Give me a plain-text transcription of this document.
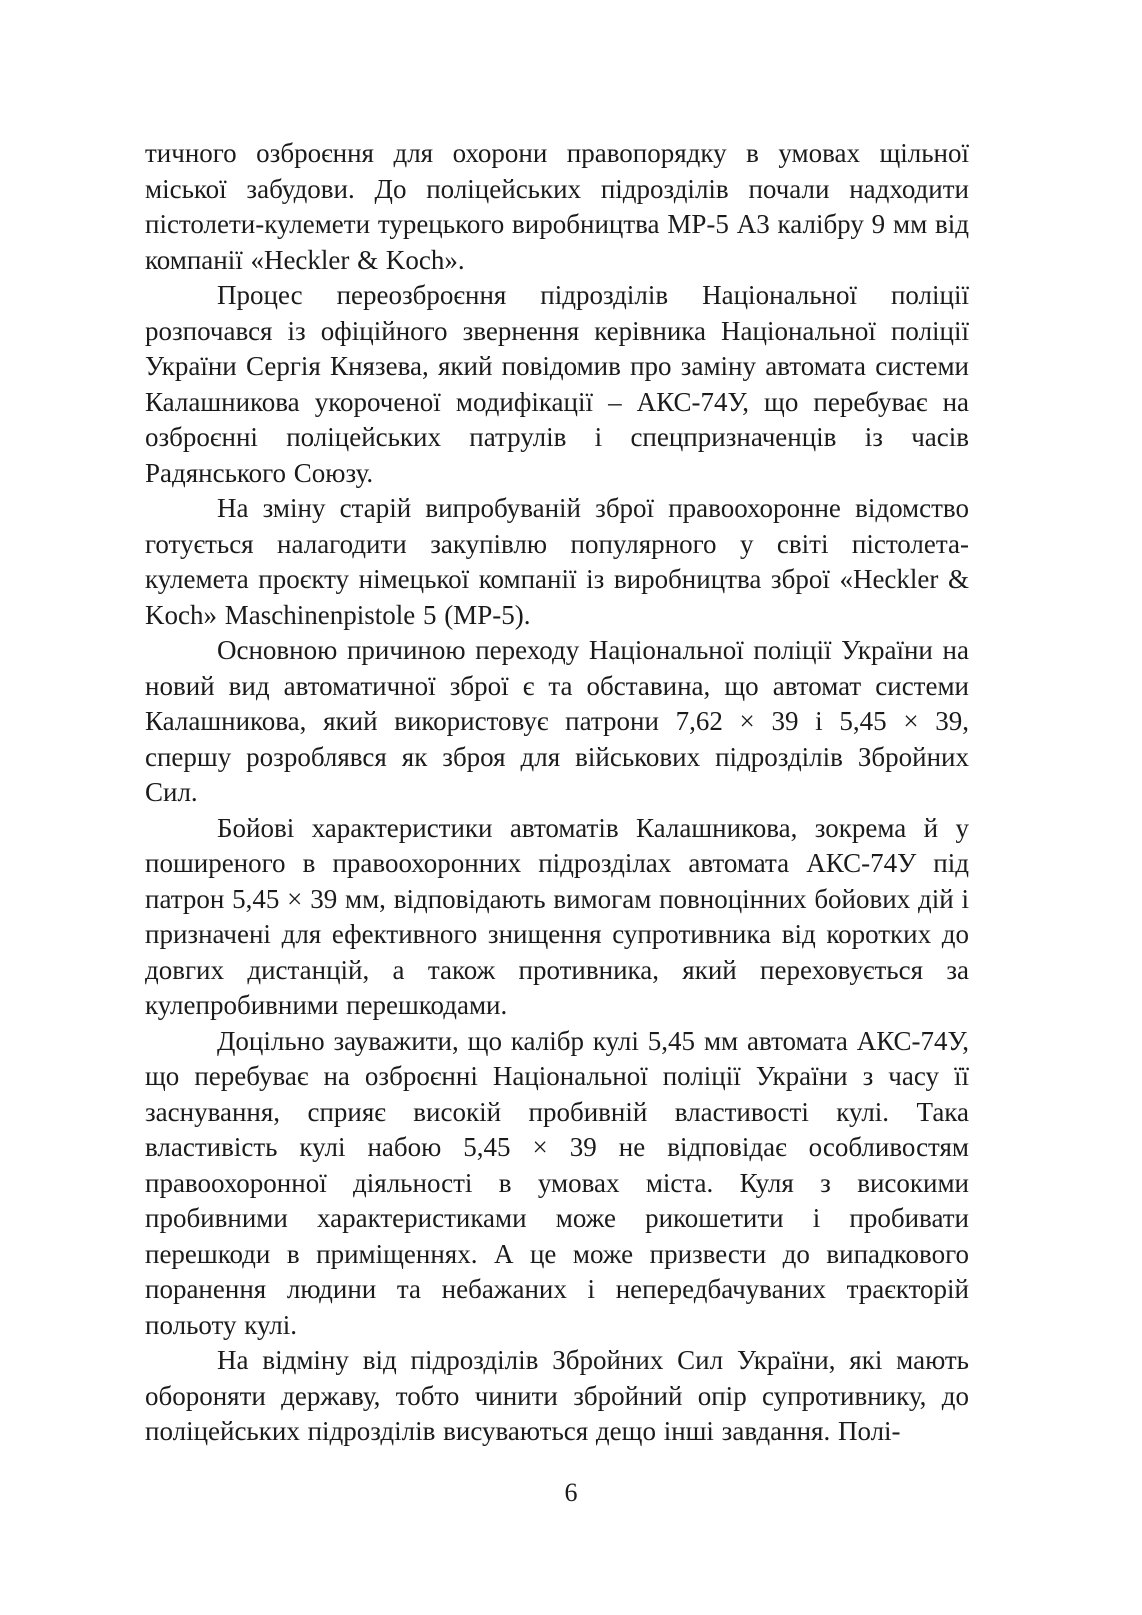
тичного озброєння для охорони правопорядку в умовах щільної міської забудови. До поліцейських підрозділів почали надходити пістолети-кулемети турецького виробництва МР-5 А3 калібру 9 мм від компанії «Heckler & Koch».

Процес переозброєння підрозділів Національної поліції розпочався із офіційного звернення керівника Національної поліції України Сергія Князева, який повідомив про заміну автомата системи Калашникова укороченої модифікації – АКС-74У, що перебуває на озброєнні поліцейських патрулів і спецпризначенців із часів Радянського Союзу.

На зміну старій випробуваній зброї правоохоронне відомство готується налагодити закупівлю популярного у світі пістолета-кулемета проєкту німецької компанії із виробництва зброї «Heckler & Koch» Maschinenpistole 5 (МР-5).

Основною причиною переходу Національної поліції України на новий вид автоматичної зброї є та обставина, що автомат системи Калашникова, який використовує патрони 7,62 × 39 і 5,45 × 39, спершу розроблявся як зброя для військових підрозділів Збройних Сил.

Бойові характеристики автоматів Калашникова, зокрема й у поширеного в правоохоронних підрозділах автомата АКС-74У під патрон 5,45 × 39 мм, відповідають вимогам повноцінних бойових дій і призначені для ефективного знищення супротивника від коротких до довгих дистанцій, а також противника, який переховується за кулепробивними перешкодами.

Доцільно зауважити, що калібр кулі 5,45 мм автомата АКС-74У, що перебуває на озброєнні Національної поліції України з часу її заснування, сприяє високій пробивній властивості кулі. Така властивість кулі набою 5,45 × 39 не відповідає особливостям правоохоронної діяльності в умовах міста. Куля з високими пробивними характеристиками може рикошетити і пробивати перешкоди в приміщеннях. А це може призвести до випадкового поранення людини та небажаних і непередбачуваних траєкторій польоту кулі.

На відміну від підрозділів Збройних Сил України, які мають обороняти державу, тобто чинити збройний опір супротивнику, до поліцейських підрозділів висуваються дещо інші завдання. Полі-

6
